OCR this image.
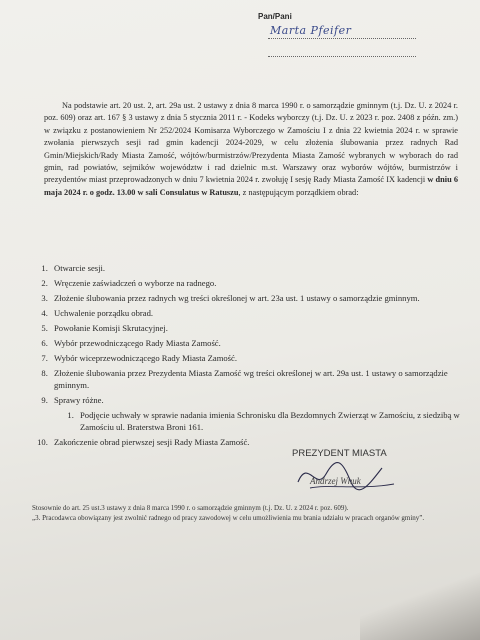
Pan/Pani
Marta Pfeifer

Na podstawie art. 20 ust. 2, art. 29a ust. 2 ustawy z dnia 8 marca 1990 r. o samorządzie gminnym (t.j. Dz. U. z 2024 r. poz. 609) oraz art. 167 § 3 ustawy z dnia 5 stycznia 2011 r. - Kodeks wyborczy (t.j. Dz. U. z 2023 r. poz. 2408 z późn. zm.) w związku z postanowieniem Nr 252/2024 Komisarza Wyborczego w Zamościu I z dnia 22 kwietnia 2024 r. w sprawie zwołania pierwszych sesji rad gmin kadencji 2024-2029, w celu złożenia ślubowania przez radnych Rad Gmin/Miejskich/Rady Miasta Zamość, wójtów/burmistrzów/Prezydenta Miasta Zamość wybranych w wyborach do rad gmin, rad powiatów, sejmików województw i rad dzielnic m.st. Warszawy oraz wyborów wójtów, burmistrzów i prezydentów miast przeprowadzonych w dniu 7 kwietnia 2024 r. zwołuję I sesję Rady Miasta Zamość IX kadencji w dniu 6 maja 2024 r. o godz. 13.00 w sali Consulatus w Ratuszu, z następującym porządkiem obrad:

1. Otwarcie sesji.
2. Wręczenie zaświadczeń o wyborze na radnego.
3. Złożenie ślubowania przez radnych wg treści określonej w art. 23a ust. 1 ustawy o samorządzie gminnym.
4. Uchwalenie porządku obrad.
5. Powołanie Komisji Skrutacyjnej.
6. Wybór przewodniczącego Rady Miasta Zamość.
7. Wybór wiceprzewodniczącego Rady Miasta Zamość.
8. Złożenie ślubowania przez Prezydenta Miasta Zamość wg treści określonej w art. 29a ust. 1 ustawy o samorządzie gminnym.
9. Sprawy różne.
1. Podjęcie uchwały w sprawie nadania imienia Schronisku dla Bezdomnych Zwierząt w Zamościu, z siedzibą w Zamościu ul. Braterstwa Broni 161.
10. Zakończenie obrad pierwszej sesji Rady Miasta Zamość.
PREZYDENT MIASTA
Andrzej Wnuk
Stosownie do art. 25 ust.3 ustawy z dnia 8 marca 1990 r. o samorządzie gminnym (t.j. Dz. U. z 2024 r. poz. 609).
„3. Pracodawca obowiązany jest zwolnić radnego od pracy zawodowej w celu umożliwienia mu brania udziału w pracach organów gminy”.
